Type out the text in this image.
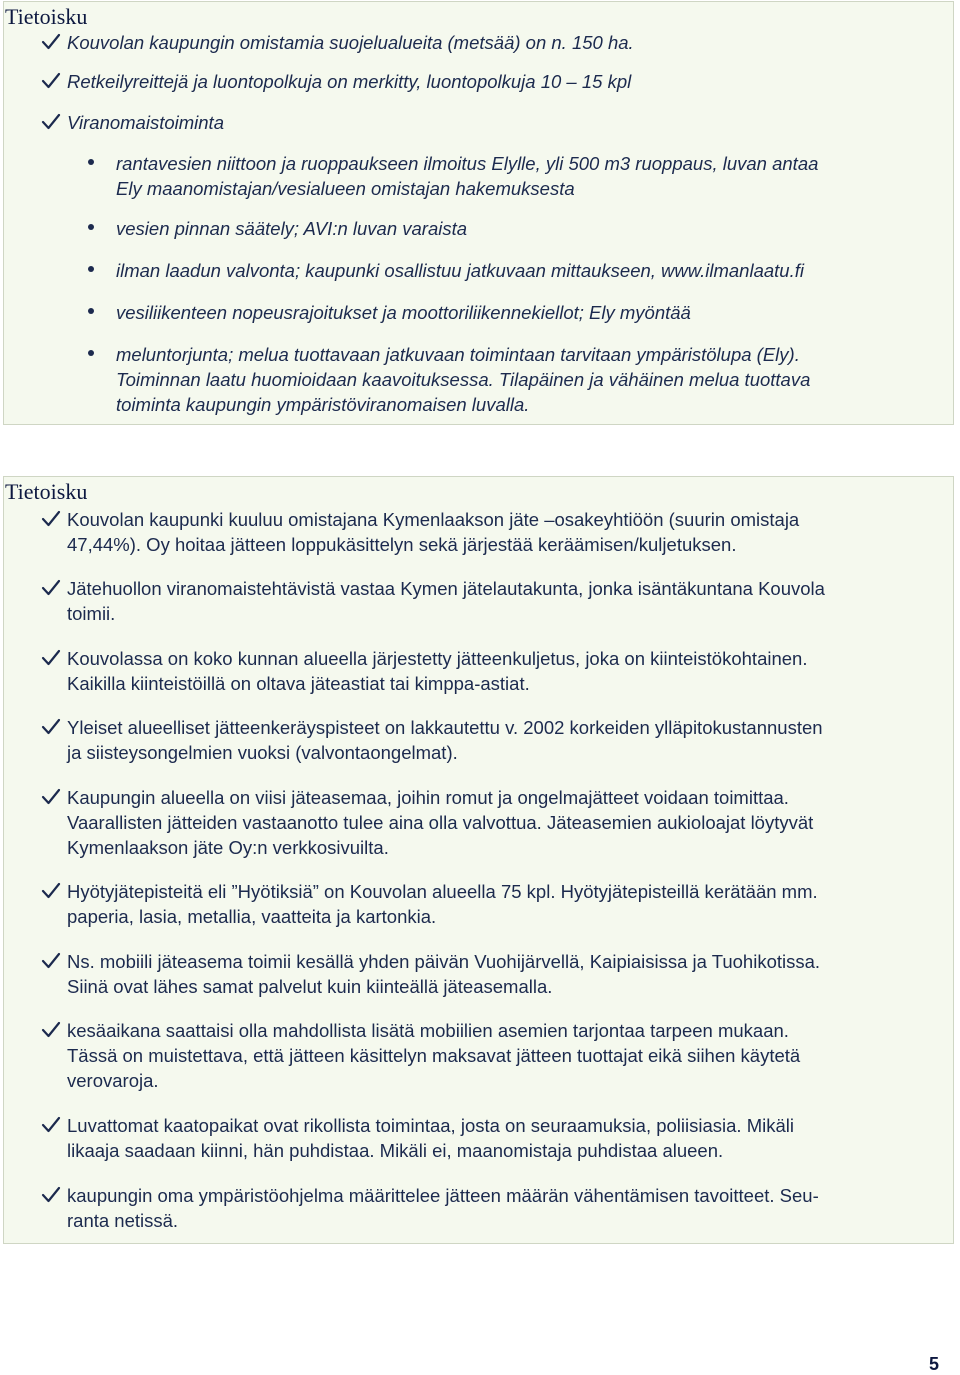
Tietoisku
Kouvolan kaupungin omistamia suojelualueita (metsää) on n. 150 ha.
Retkeilyreittejä ja luontopolkuja on merkitty, luontopolkuja 10 – 15 kpl
Viranomaistoiminta
rantavesien niittoon ja ruoppaukseen ilmoitus Elylle, yli 500 m3 ruoppaus, luvan antaa
Ely maanomistajan/vesialueen omistajan hakemuksesta
vesien pinnan säätely; AVI:n luvan varaista
ilman laadun valvonta; kaupunki osallistuu jatkuvaan mittaukseen, www.ilmanlaatu.fi
vesiliikenteen nopeusrajoitukset ja moottoriliikennekiellot; Ely myöntää
meluntorjunta; melua tuottavaan jatkuvaan toimintaan tarvitaan ympäristölupa (Ely).
Toiminnan laatu huomioidaan kaavoituksessa. Tilapäinen ja vähäinen melua tuottava
toiminta kaupungin ympäristöviranomaisen luvalla.
Tietoisku
Kouvolan kaupunki kuuluu omistajana Kymenlaakson jäte –osakeyhtiöön (suurin omistaja
47,44%). Oy hoitaa jätteen loppukäsittelyn sekä järjestää keräämisen/kuljetuksen.
Jätehuollon viranomaistehtävistä vastaa Kymen jätelautakunta, jonka isäntäkuntana Kouvola
toimii.
Kouvolassa on koko kunnan alueella järjestetty jätteenkuljetus, joka on kiinteistökohtainen.
Kaikilla kiinteistöillä on oltava jäteastiat tai kimppa-astiat.
Yleiset alueelliset jätteenkeräyspisteet on lakkautettu v. 2002 korkeiden ylläpitokustannusten
ja siisteysongelmien vuoksi (valvontaongelmat).
Kaupungin alueella on viisi jäteasemaa, joihin romut ja ongelmajätteet voidaan toimittaa.
Vaarallisten jätteiden vastaanotto tulee aina olla valvottua. Jäteasemien aukioloajat löytyvät
Kymenlaakson jäte Oy:n verkkosivuilta.
Hyötyjätepisteitä eli ”Hyötiksiä” on Kouvolan alueella 75 kpl. Hyötyjätepisteillä kerätään mm.
paperia, lasia, metallia, vaatteita ja kartonkia.
Ns. mobiili jäteasema toimii kesällä yhden päivän Vuohijärvellä, Kaipiaisissa ja Tuohikotissa.
Siinä ovat lähes samat palvelut kuin kiinteällä jäteasemalla.
kesäaikana saattaisi olla mahdollista lisätä mobiilien asemien tarjontaa tarpeen mukaan.
Tässä on muistettava, että jätteen käsittelyn maksavat jätteen tuottajat eikä siihen käytetä
verovaroja.
Luvattomat kaatopaikat ovat rikollista toimintaa, josta on seuraamuksia, poliisiasia. Mikäli
likaaja saadaan kiinni, hän puhdistaa. Mikäli ei, maanomistaja puhdistaa alueen.
kaupungin oma ympäristöohjelma määrittelee jätteen määrän vähentämisen tavoitteet. Seu-
ranta netissä.
5
